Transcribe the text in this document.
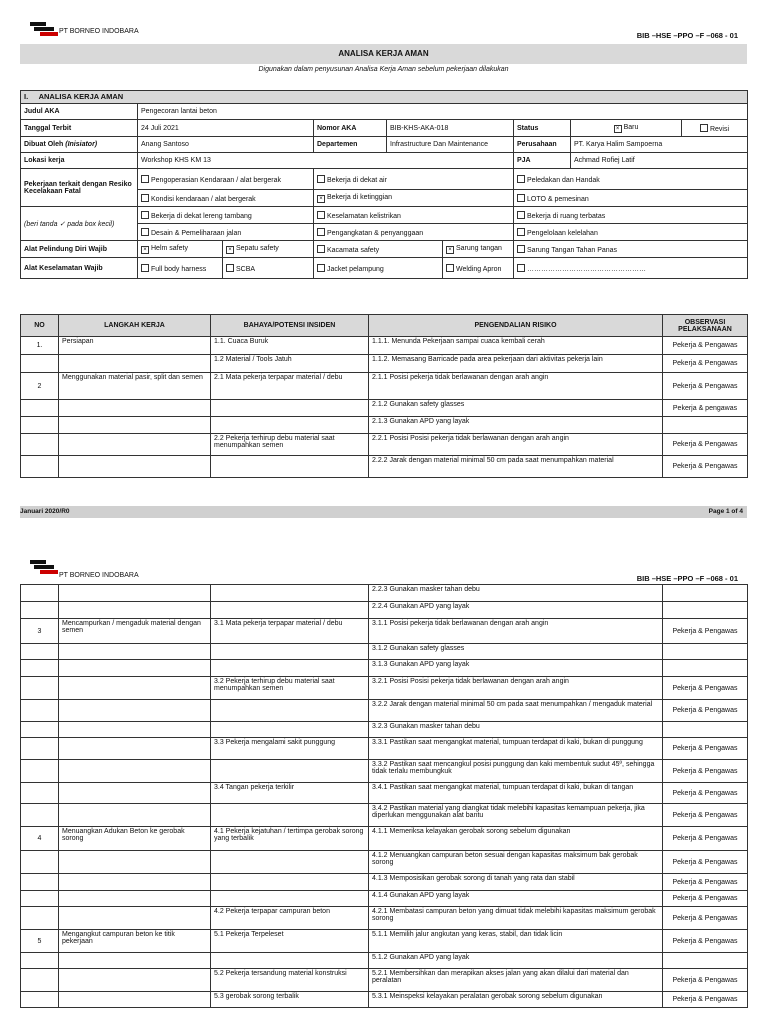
PT BORNEO INDOBARA	BIB –HSE –PPO –F –068 - 01
ANALISA KERJA AMAN
Digunakan dalam penyusunan Analisa Kerja Aman sebelum pekerjaan dilakukan
I. ANALISA KERJA AMAN								
Judul AKA	Pengecoran lantai beton							
Tanggal Terbit	24 Juli 2021		Nomor AKA	BIB-KHS-AKA-018		Status	× Baru	Revisi
Dibuat Oleh (Inisiator)	Anang Santoso		Departemen	Infrastructure Dan Maintenance		Perusahaan	PT. Karya Halim Sampoerna	
Lokasi kerja	Workshop KHS KM 13					PJA	Achmad Rofiej Latif	
Pekerjaan terkait dengan Resiko Kecelakaan Fatal	Pengoperasian Kendaraan / alat bergerak		Bekerja di dekat air			Peledakan dan Handak		
	Kondisi kendaraan / alat bergerak		× Bekerja di ketinggian			LOTO & pemesinan		
(beri tanda ✓ pada box kecil)	Bekerja di dekat lereng tambang		Keselamatan kelistrikan			Bekerja di ruang terbatas		
	Desain & Pemeliharaan jalan		Pengangkatan & penyanggaan			Pengelolaan kelelahan		
Alat Pelindung Diri Wajib	× Helm safety	× Sepatu safety	Kacamata safety		× Sarung tangan	Sarung Tangan Tahan Panas		
Alat Keselamatan Wajib	Full body harness	SCBA	Jacket pelampung		Welding Apron	……………………………………………		
NO	LANGKAH KERJA	BAHAYA/POTENSI INSIDEN	PENGENDALIAN RISIKO	OBSERVASI PELAKSANAAN
1.	Persiapan	1.1. Cuaca Buruk	1.1.1. Menunda Pekerjaan sampai cuaca kembali cerah	Pekerja & Pengawas
		1.2 Material / Tools Jatuh	1.1.2. Memasang Barricade pada area pekerjaan dari aktivitas pekerja lain	Pekerja & Pengawas
2	Menggunakan material pasir, split dan semen	2.1 Mata pekerja terpapar material / debu	2.1.1 Posisi pekerja tidak berlawanan dengan arah angin	Pekerja & Pengawas
			2.1.2 Gunakan safety glasses	Pekerja & pengawas
			2.1.3 Gunakan APD yang layak	
		2.2 Pekerja terhirup debu material saat menumpahkan semen	2.2.1 Posisi Posisi pekerja tidak berlawanan dengan arah angin	Pekerja & Pengawas
			2.2.2 Jarak dengan material minimal 50 cm pada saat menumpahkan material	Pekerja & Pengawas
Januari 2020/R0	Page 1 of 4
PT BORNEO INDOBARA	BIB –HSE –PPO –F –068 - 01
			2.2.3 Gunakan masker tahan debu	
			2.2.4 Gunakan APD yang layak	
3	Mencampurkan / mengaduk material dengan semen	3.1 Mata pekerja terpapar material / debu	3.1.1 Posisi pekerja tidak berlawanan dengan arah angin	Pekerja & Pengawas
			3.1.2 Gunakan safety glasses	
			3.1.3 Gunakan APD yang layak	
		3.2 Pekerja terhirup debu material saat menumpahkan semen	3.2.1 Posisi Posisi pekerja tidak berlawanan dengan arah angin	Pekerja & Pengawas
			3.2.2 Jarak dengan material minimal 50 cm pada saat menumpahkan / mengaduk material	Pekerja & Pengawas
			3.2.3 Gunakan masker tahan debu	
		3.3 Pekerja mengalami sakit punggung	3.3.1 Pastikan saat mengangkat material, tumpuan terdapat di kaki, bukan di punggung	Pekerja & Pengawas
			3.3.2 Pastikan saat mencangkul posisi punggung dan kaki membentuk sudut 45º, sehingga tidak terlalu membungkuk	Pekerja & Pengawas
		3.4 Tangan pekerja terkilir	3.4.1 Pastikan saat mengangkat material, tumpuan terdapat di kaki, bukan di tangan	Pekerja & Pengawas
			3.4.2 Pastikan material yang diangkat tidak melebihi kapasitas kemampuan pekerja, jika diperlukan menggunakan alat bantu	Pekerja & Pengawas
4	Menuangkan Adukan Beton ke gerobak sorong	4.1 Pekerja kejatuhan / tertimpa gerobak sorong yang terbalik	4.1.1 Memeriksa kelayakan gerobak sorong sebelum digunakan	Pekerja & Pengawas
			4.1.2 Menuangkan campuran beton sesuai dengan kapasitas maksimum bak gerobak sorong	Pekerja & Pengawas
			4.1.3 Memposisikan gerobak sorong di tanah yang rata dan stabil	Pekerja & Pengawas
			4.1.4 Gunakan APD yang layak	Pekerja & Pengawas
		4.2 Pekerja terpapar campuran beton	4.2.1 Membatasi campuran beton yang dimuat tidak melebihi kapasitas maksimum gerobak sorong	Pekerja & Pengawas
5	Mengangkut campuran beton ke titik pekerjaan	5.1 Pekerja Terpeleset	5.1.1 Memilih jalur angkutan yang keras, stabil, dan tidak licin	Pekerja & Pengawas
			5.1.2 Gunakan APD yang layak	
		5.2 Pekerja tersandung material konstruksi	5.2.1 Membersihkan dan merapikan akses jalan yang akan dilalui dari material dan peralatan	Pekerja & Pengawas
		5.3 gerobak sorong terbalik	5.3.1 Meinspeksi kelayakan peralatan gerobak sorong sebelum digunakan	Pekerja & Pengawas
